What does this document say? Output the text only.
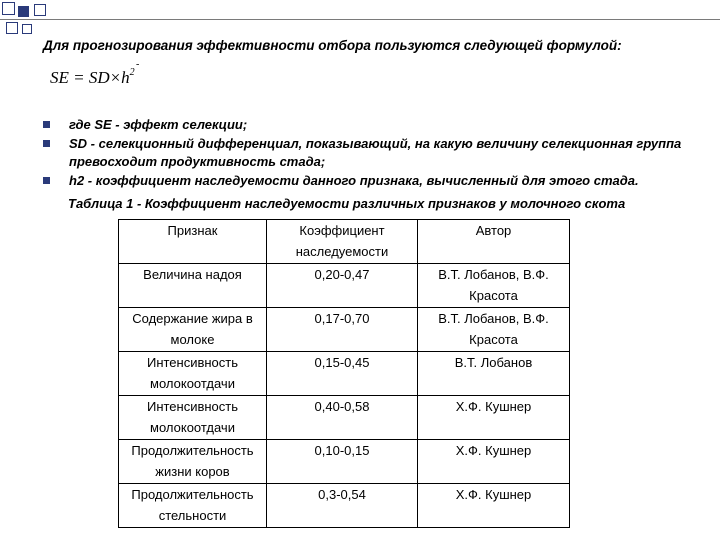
Для прогнозирования эффективности отбора пользуются следующей формулой:
SE = $SD\times h^2$
-
где SE - эффект селекции;
SD - селекционный дифференциал, показывающий, на какую величину селекционная группа превосходит продуктивность стада;
h2 - коэффициент наследуемости данного признака, вычисленный для этого стада.
Таблица 1 - Коэффициент наследуемости различных признаков у молочного скота
Признак	Коэффициент наследуемости	Автор
Величина надоя	0,20-0,47	В.Т. Лобанов, В.Ф. Красота
Содержание жира в молоке	0,17-0,70	В.Т. Лобанов, В.Ф. Красота
Интенсивность молокоотдачи	0,15-0,45	В.Т. Лобанов
Интенсивность молокоотдачи	0,40-0,58	Х.Ф. Кушнер
Продолжительность жизни коров	0,10-0,15	Х.Ф. Кушнер
Продолжительность стельности	0,3-0,54	Х.Ф. Кушнер
